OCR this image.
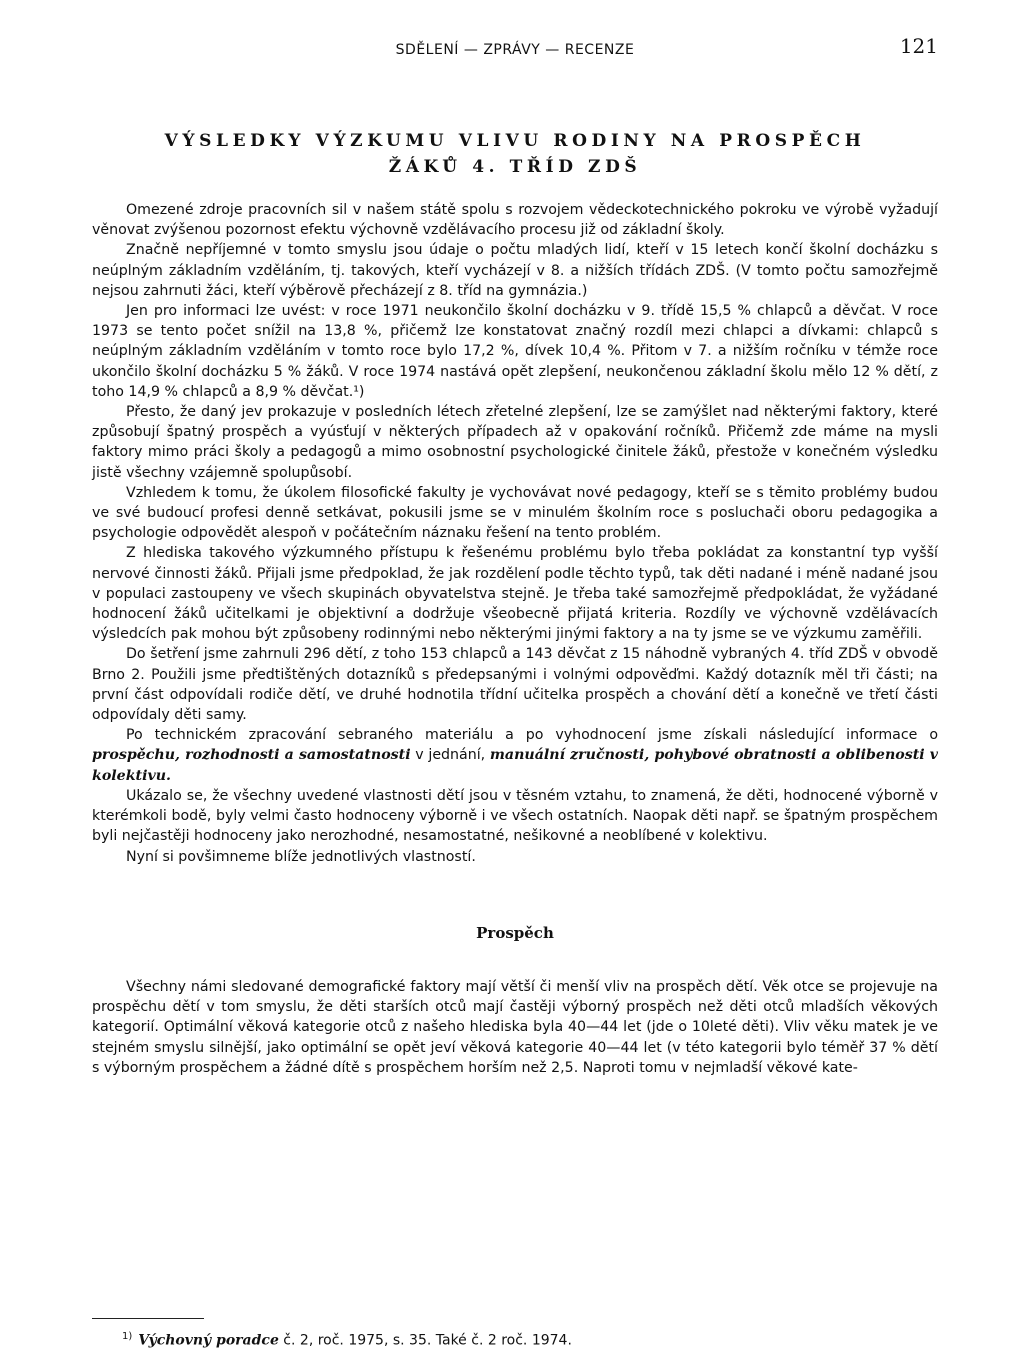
SDĚLENÍ — ZPRÁVY — RECENZE	121
VÝSLEDKY VÝZKUMU VLIVU RODINY NA PROSPĚCH
ŽÁKŮ 4. TŘÍD ZDŠ

Omezené zdroje pracovních sil v našem státě spolu s rozvojem vědeckotechnického pokroku ve výrobě vyžadují věnovat zvýšenou pozornost efektu výchovně vzdělávacího procesu již od základní školy.

Značně nepříjemné v tomto smyslu jsou údaje o počtu mladých lidí, kteří v 15 letech končí školní docházku s neúplným základním vzděláním, tj. takových, kteří vycházejí v 8. a nižších třídách ZDŠ. (V tomto počtu samozřejmě nejsou zahrnuti žáci, kteří výběrově přecházejí z 8. tříd na gymnázia.)

Jen pro informaci lze uvést: v roce 1971 neukončilo školní docházku v 9. třídě 15,5 % chlapců a děvčat. V roce 1973 se tento počet snížil na 13,8 %, přičemž lze konstatovat značný rozdíl mezi chlapci a dívkami: chlapců s neúplným základním vzděláním v tomto roce bylo 17,2 %, dívek 10,4 %. Přitom v 7. a nižším ročníku v témže roce ukončilo školní docházku 5 % žáků. V roce 1974 nastává opět zlepšení, neukončenou základní školu mělo 12 % dětí, z toho 14,9 % chlapců a 8,9 % děvčat.¹)

Přesto, že daný jev prokazuje v posledních létech zřetelné zlepšení, lze se zamýšlet nad některými faktory, které způsobují špatný prospěch a vyúsťují v některých případech až v opakování ročníků. Přičemž zde máme na mysli faktory mimo práci školy a pedagogů a mimo osobnostní psychologické činitele žáků, přestože v konečném výsledku jistě všechny vzájemně spolupůsobí.

Vzhledem k tomu, že úkolem filosofické fakulty je vychovávat nové pedagogy, kteří se s těmito problémy budou ve své budoucí profesi denně setkávat, pokusili jsme se v minulém školním roce s posluchači oboru pedagogika a psychologie odpovědět alespoň v počátečním náznaku řešení na tento problém.

Z hlediska takového výzkumného přístupu k řešenému problému bylo třeba pokládat za konstantní typ vyšší nervové činnosti žáků. Přijali jsme předpoklad, že jak rozdělení podle těchto typů, tak děti nadané i méně nadané jsou v populaci zastoupeny ve všech skupinách obyvatelstva stejně. Je třeba také samozřejmě předpokládat, že vyžádané hodnocení žáků učitelkami je objektivní a dodržuje všeobecně přijatá kriteria. Rozdíly ve výchovně vzdělávacích výsledcích pak mohou být způsobeny rodinnými nebo některými jinými faktory a na ty jsme se ve výzkumu zaměřili.

Do šetření jsme zahrnuli 296 dětí, z toho 153 chlapců a 143 děvčat z 15 náhodně vybraných 4. tříd ZDŠ v obvodě Brno 2. Použili jsme předtištěných dotazníků s předepsanými i volnými odpověďmi. Každý dotazník měl tři části; na první část odpovídali rodiče dětí, ve druhé hodnotila třídní učitelka prospěch a chování dětí a konečně ve třetí části odpovídaly děti samy.

Po technickém zpracování sebraného materiálu a po vyhodnocení jsme získali následující informace o prospěchu, rozhodnosti a samostatnosti v jednání, manuální zručnosti, pohybové obratnosti a oblibenosti v kolektivu.

Ukázalo se, že všechny uvedené vlastnosti dětí jsou v těsném vztahu, to znamená, že děti, hodnocené výborně v kterémkoli bodě, byly velmi často hodnoceny výborně i ve všech ostatních. Naopak děti např. se špatným prospěchem byli nejčastěji hodnoceny jako nerozhodné, nesamostatné, nešikovné a neoblíbené v kolektivu.

Nyní si povšimneme blíže jednotlivých vlastností.

Prospěch

Všechny námi sledované demografické faktory mají větší či menší vliv na prospěch dětí. Věk otce se projevuje na prospěchu dětí v tom smyslu, že děti starších otců mají častěji výborný prospěch než děti otců mladších věkových kategorií. Optimální věková kategorie otců z našeho hlediska byla 40—44 let (jde o 10leté děti). Vliv věku matek je ve stejném smyslu silnější, jako optimální se opět jeví věková kategorie 40—44 let (v této kategorii bylo téměř 37 % dětí s výborným prospěchem a žádné dítě s prospěchem horším než 2,5. Naproti tomu v nejmladší věkové kate-

$^{1)}$ Výchovný poradce č. 2, roč. 1975, s. 35. Také č. 2 roč. 1974.
